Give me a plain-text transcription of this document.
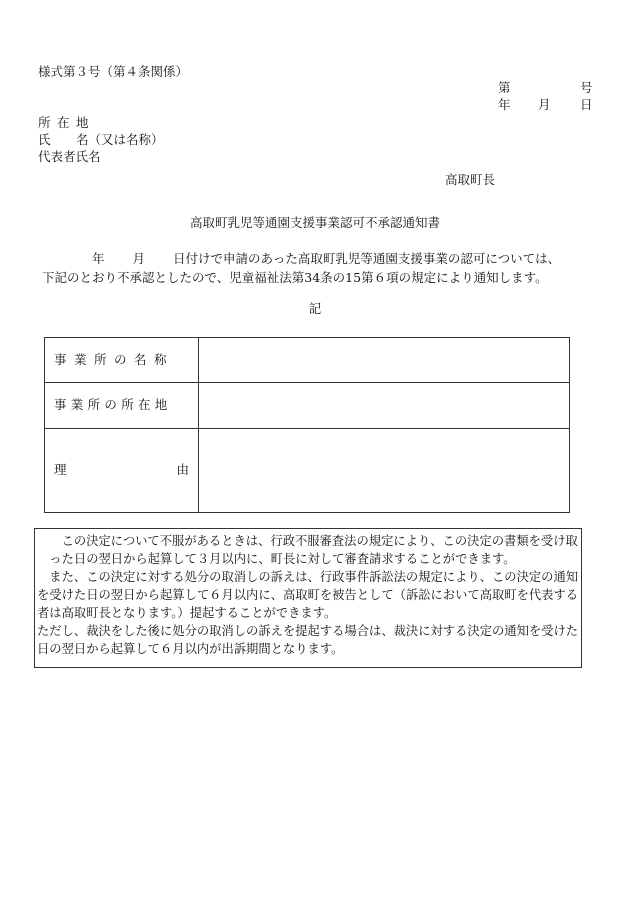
様式第３号（第４条関係）
第	号
年 月 日
所 在 地
氏 名（又は名称）
代表者氏名
高取町長
高取町乳児等通園支援事業認可不承認通知書
年 月 日付けで申請のあった高取町乳児等通園支援事業の認可については、
下記のとおり不承認としたので、児童福祉法第34条の15第６項の規定により通知します。
記
事業所の名称	
事業所の所在地	

理 由	

この決定について不服があるときは、行政不服審査法の規定により、この決定の書類を受け取った日の翌日から起算して３月以内に、町長に対して審査請求することができます。

また、この決定に対する処分の取消しの訴えは、行政事件訴訟法の規定により、この決定の通知を受けた日の翌日から起算して６月以内に、高取町を被告として（訴訟において高取町を代表する者は高取町長となります。）提起することができます。

ただし、裁決をした後に処分の取消しの訴えを提起する場合は、裁決に対する決定の通知を受けた日の翌日から起算して６月以内が出訴期間となります。
